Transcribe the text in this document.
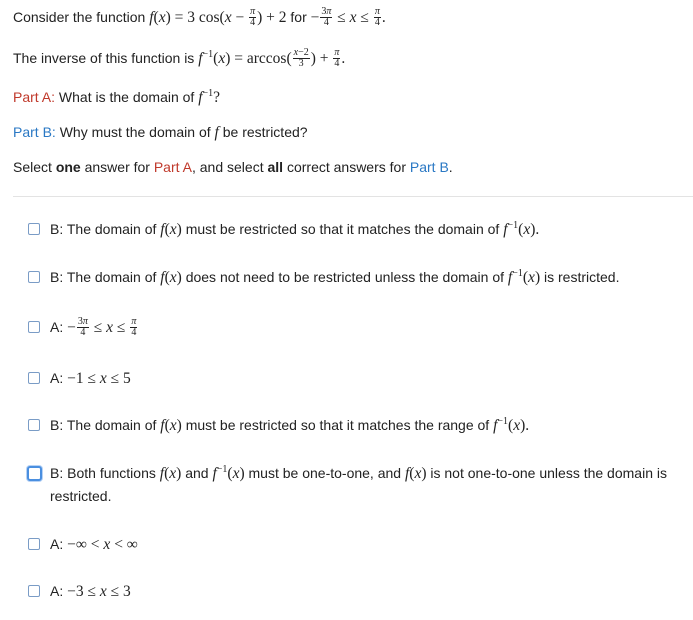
Consider the function f(x) = 3 $\cos(x - \frac{\pi}{4}$ ) + 2 for − $\frac{3\pi}{4} \le x \le \frac{\pi}{4}$ .
The inverse of this function is $f^{-1}(x) = \arccos( \frac{x-2}{3}$ ) + $\frac{\pi}{4}$ .
Part A: What is the domain of $f^{-1}$?
Part B: Why must the domain of f be restricted?
Select one answer for Part A, and select all correct answers for Part B.
B: The domain of f(x) must be restricted so that it matches the domain of $f^{-1}(x)$.
B: The domain of f(x) does not need to be restricted unless the domain of $f^{-1}(x)$ is restricted.
A: − $\frac{3\pi}{4} \le x \le \frac{\pi}{4}$
A: −1 ≤ x ≤ 5
B: The domain of f(x) must be restricted so that it matches the range of $f^{-1}(x)$.
B: Both functions f(x) and $f^{-1}(x)$ must be one-to-one, and f(x) is not one-to-one unless the domain is restricted.
A: −∞ < x < ∞
A: −3 ≤ x ≤ 3
